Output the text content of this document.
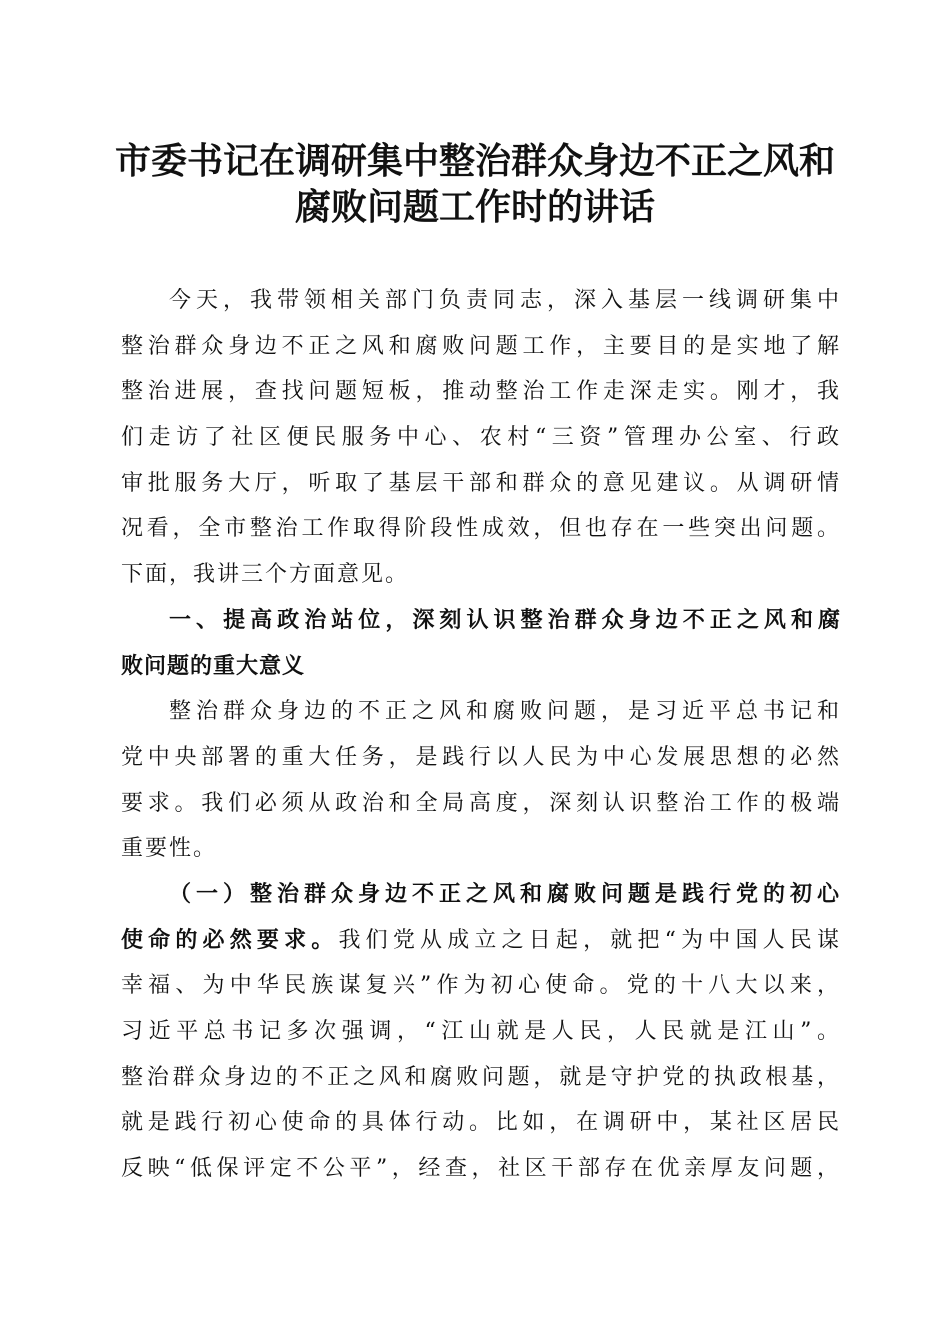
市委书记在调研集中整治群众身边不正之风和
腐败问题工作时的讲话
今天，我带领相关部门负责同志，深入基层一线调研集中
整治群众身边不正之风和腐败问题工作，主要目的是实地了解
整治进展，查找问题短板，推动整治工作走深走实。刚才，我
们走访了社区便民服务中心、农村“三资”管理办公室、行政
审批服务大厅，听取了基层干部和群众的意见建议。从调研情
况看，全市整治工作取得阶段性成效，但也存在一些突出问题。
下面，我讲三个方面意见。
一、提高政治站位，深刻认识整治群众身边不正之风和腐
败问题的重大意义
整治群众身边的不正之风和腐败问题，是习近平总书记和
党中央部署的重大任务，是践行以人民为中心发展思想的必然
要求。我们必须从政治和全局高度，深刻认识整治工作的极端
重要性。
（一）整治群众身边不正之风和腐败问题是践行党的初心
使命的必然要求。我们党从成立之日起，就把“为中国人民谋
幸福、为中华民族谋复兴”作为初心使命。党的十八大以来，
习近平总书记多次强调，“江山就是人民，人民就是江山”。
整治群众身边的不正之风和腐败问题，就是守护党的执政根基，
就是践行初心使命的具体行动。比如，在调研中，某社区居民
反映“低保评定不公平”，经查，社区干部存在优亲厚友问题，
